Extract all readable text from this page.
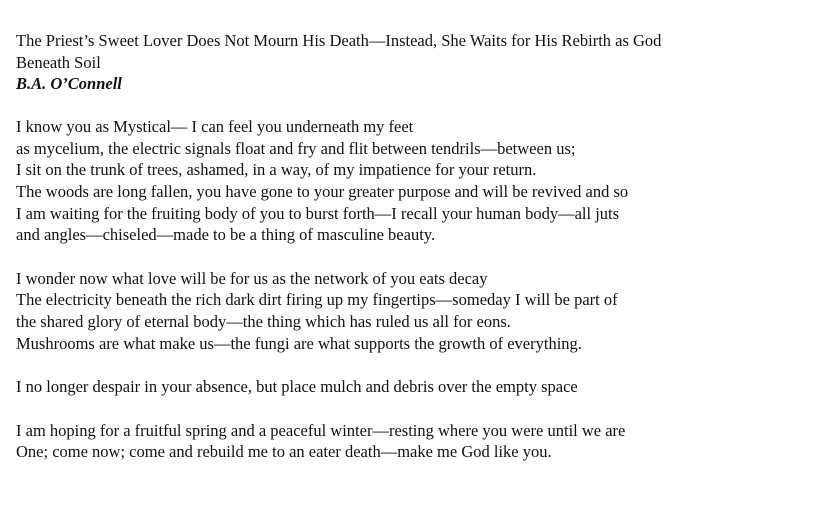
The Priest’s Sweet Lover Does Not Mourn His Death—Instead, She Waits for His Rebirth as God
Beneath Soil

B.A. O’Connell

I know you as Mystical— I can feel you underneath my feet
as mycelium, the electric signals float and fry and flit between tendrils—between us;
I sit on the trunk of trees, ashamed, in a way, of my impatience for your return.
The woods are long fallen, you have gone to your greater purpose and will be revived and so
I am waiting for the fruiting body of you to burst forth—I recall your human body—all juts
and angles—chiseled—made to be a thing of masculine beauty.
I wonder now what love will be for us as the network of you eats decay
The electricity beneath the rich dark dirt firing up my fingertips—someday I will be part of
the shared glory of eternal body—the thing which has ruled us all for eons.
Mushrooms are what make us—the fungi are what supports the growth of everything.
I no longer despair in your absence, but place mulch and debris over the empty space
I am hoping for a fruitful spring and a peaceful winter—resting where you were until we are
One; come now; come and rebuild me to an eater death—make me God like you.
